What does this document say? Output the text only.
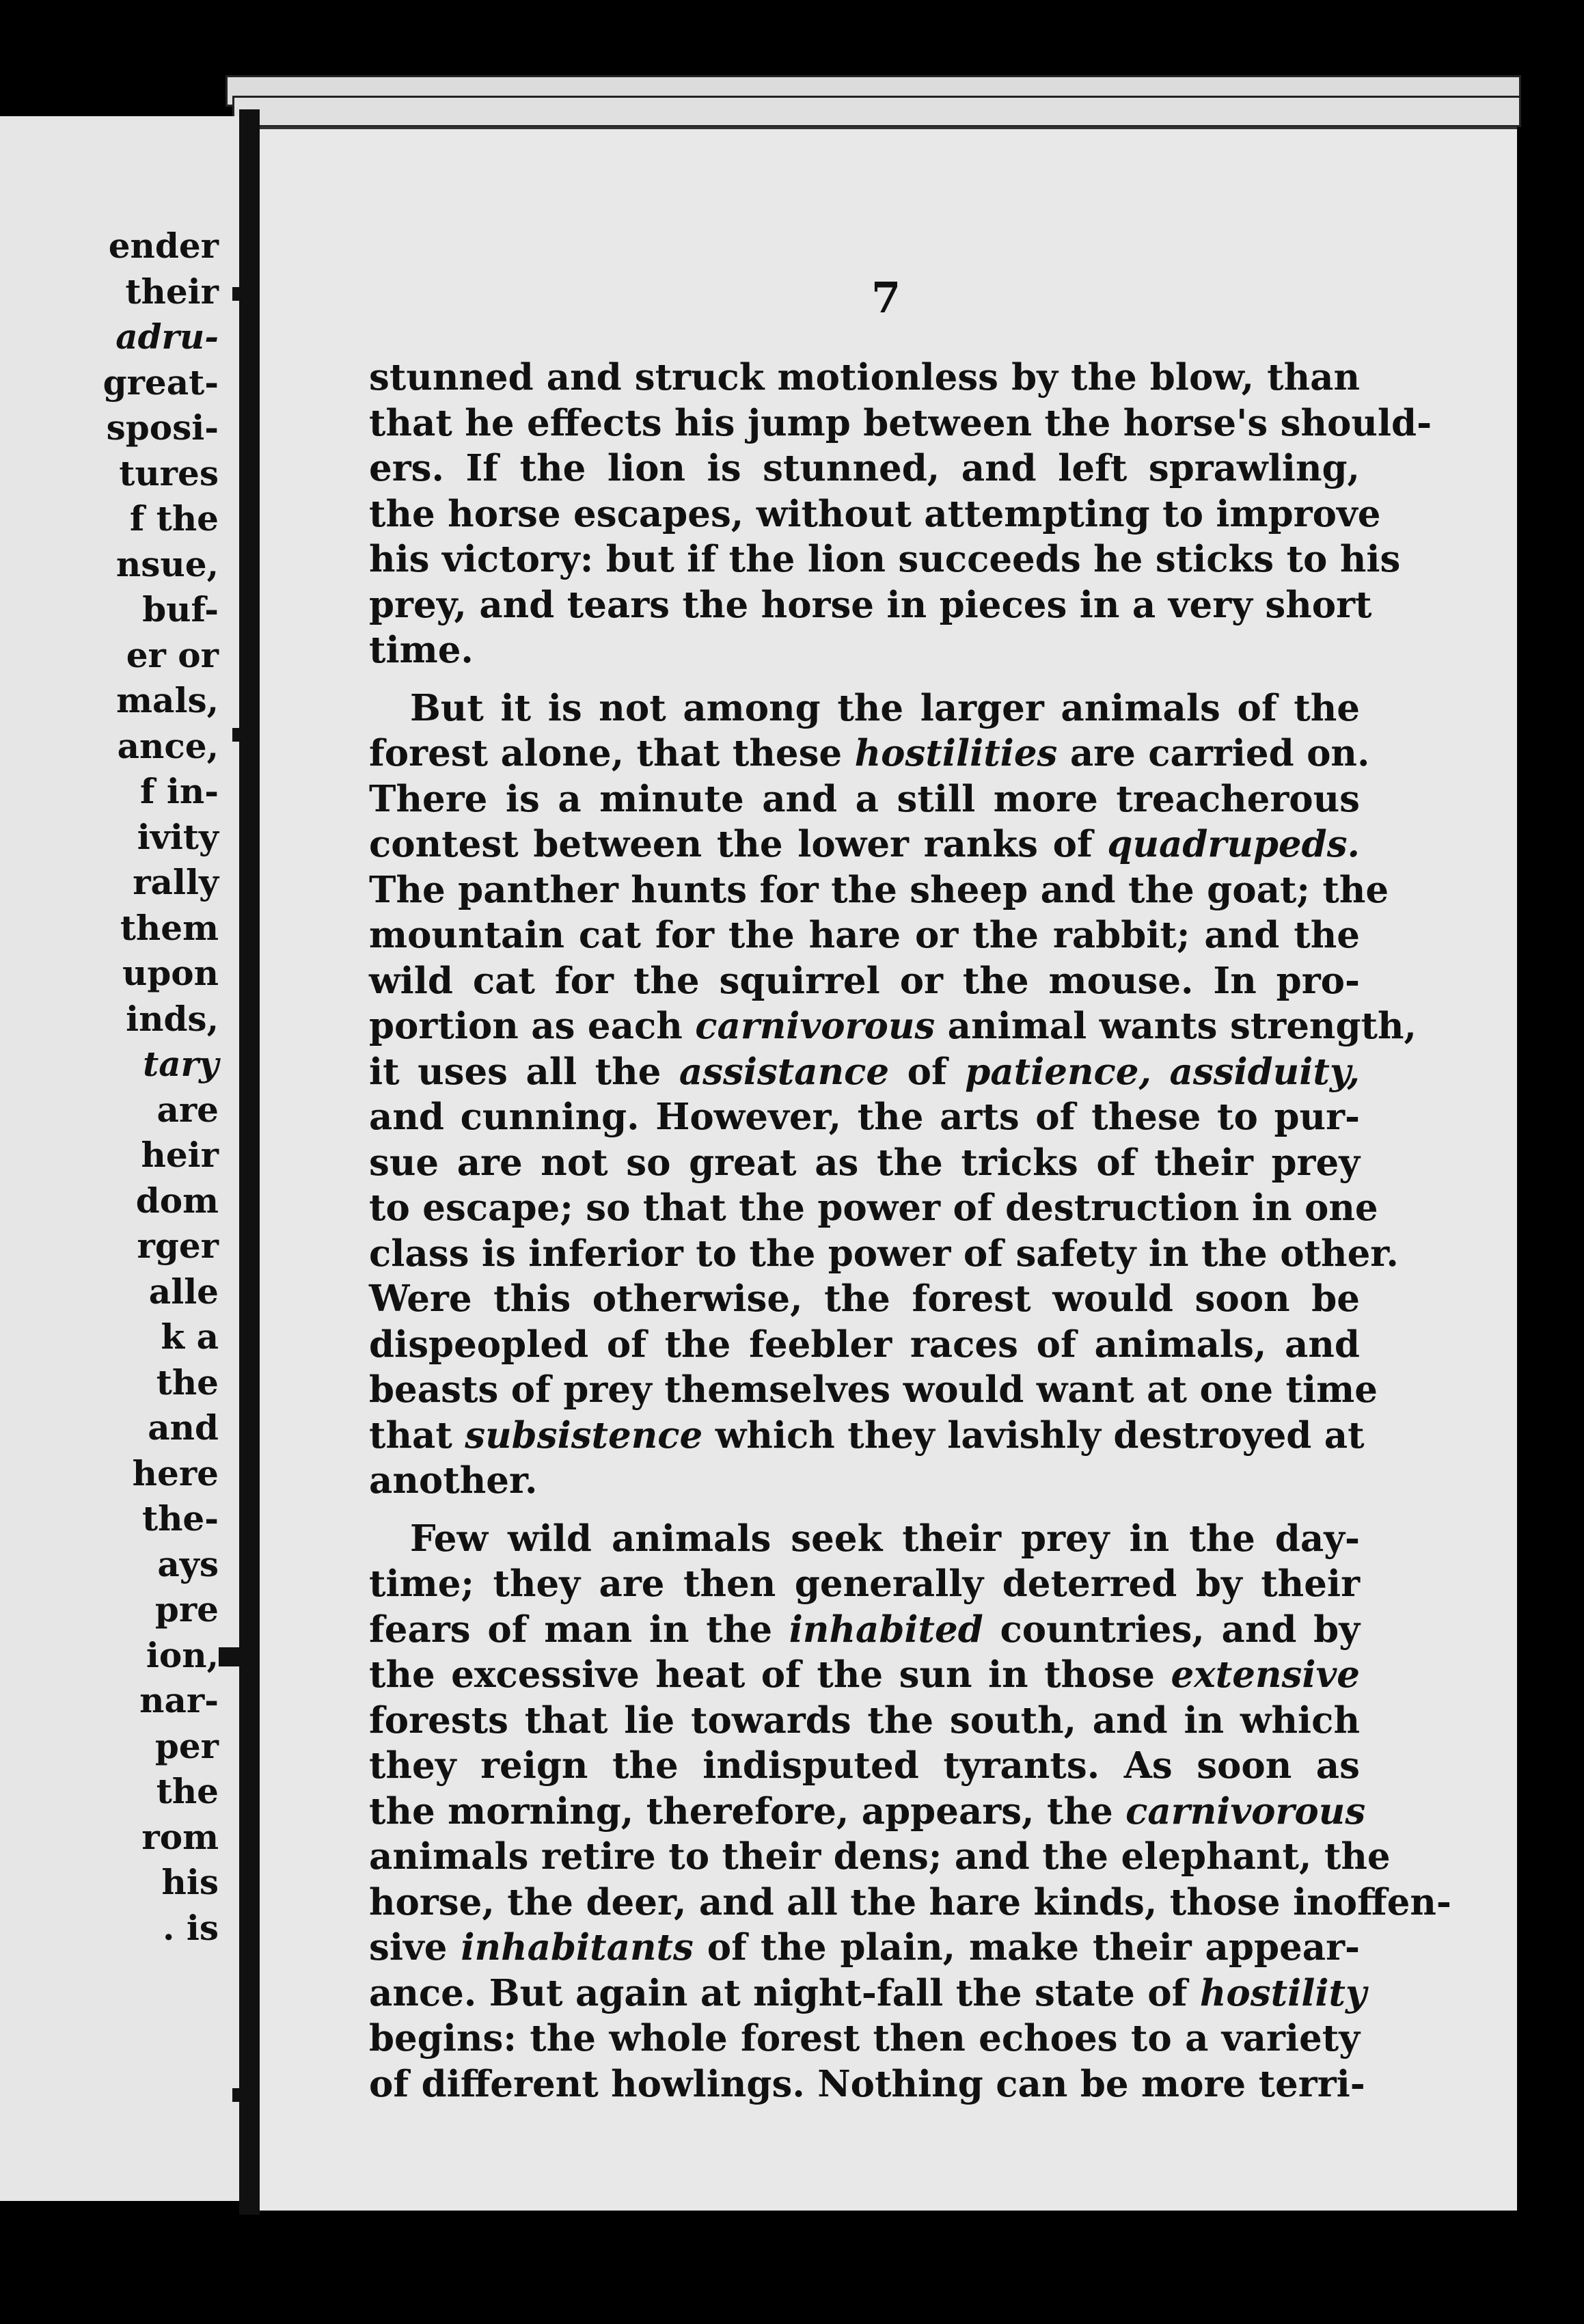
ender
their
adru-
great-
sposi-
tures
f the
nsue,
buf-
er or
mals,
ance,
f in-
ivity
rally
them
upon
inds,
tary
are
heir
dom
rger
alle
k a
the
and
here
the-
ays
pre
ion,
nar-
per
the
rom
his
. is
7
stunned and struck motionless by the blow, than
that he effects his jump between the horse's should-
ers. If the lion is stunned, and left sprawling,
the horse escapes, without attempting to improve
his victory: but if the lion succeeds he sticks to his
prey, and tears the horse in pieces in a very short
time.
But it is not among the larger animals of the
forest alone, that these hostilities are carried on.
There is a minute and a still more treacherous
contest between the lower ranks of quadrupeds.
The panther hunts for the sheep and the goat; the
mountain cat for the hare or the rabbit; and the
wild cat for the squirrel or the mouse. In pro-
portion as each carnivorous animal wants strength,
it uses all the assistance of patience, assiduity,
and cunning. However, the arts of these to pur-
sue are not so great as the tricks of their prey
to escape; so that the power of destruction in one
class is inferior to the power of safety in the other.
Were this otherwise, the forest would soon be
dispeopled of the feebler races of animals, and
beasts of prey themselves would want at one time
that subsistence which they lavishly destroyed at
another.
Few wild animals seek their prey in the day-
time; they are then generally deterred by their
fears of man in the inhabited countries, and by
the excessive heat of the sun in those extensive
forests that lie towards the south, and in which
they reign the indisputed tyrants. As soon as
the morning, therefore, appears, the carnivorous
animals retire to their dens; and the elephant, the
horse, the deer, and all the hare kinds, those inoffen-
sive inhabitants of the plain, make their appear-
ance. But again at night-fall the state of hostility
begins: the whole forest then echoes to a variety
of different howlings. Nothing can be more terri-
